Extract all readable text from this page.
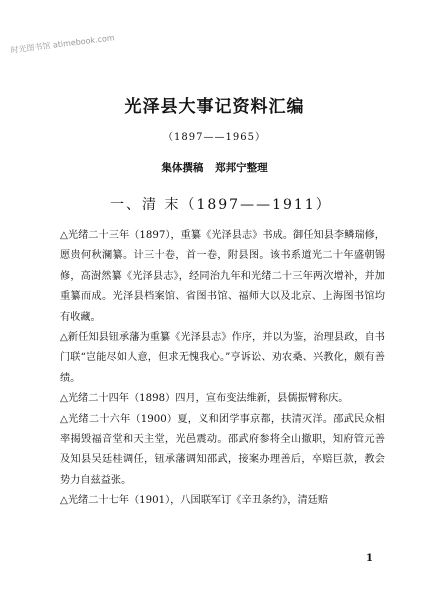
时光图书馆 atimebook.com
光泽县大事记资料汇编
（1897——1965）
集体撰稿 郑邦宁整理
一、清 末（1897——1911）

△光绪二十三年（1897），重纂《光泽县志》书成。御任知县李鳞瑞修，愿贵何秋澜纂。计三十卷，首一卷，附县图。该书系道光二十年盛朝锡修，高澍然纂《光泽县志》，经同治九年和光绪二十三年两次增补，并加重纂而成。光泽县档案馆、省图书馆、福师大以及北京、上海图书馆均有收藏。

△新任知县钮承藩为重纂《光泽县志》作序，并以为鉴，治理县政，自书门联“岂能尽如人意，但求无愧我心。”亨诉讼、劝农桑、兴教化，颇有善绩。

△光绪二十四年（1898）四月，宣布变法维新，县儒振臂称庆。

△光绪二十六年（1900）夏，义和团学事京都，扶清灭洋。邵武民众相率揭毁福音堂和天主堂，光邑震动。邵武府参将全山撤职，知府管元善及知县吴廷桂调任，钮承藩调知邵武，接案办理善后，卒赔巨款，教会势力自兹益张。

△光绪二十七年（1901），八国联军订《辛丑条约》，清廷赔

1
